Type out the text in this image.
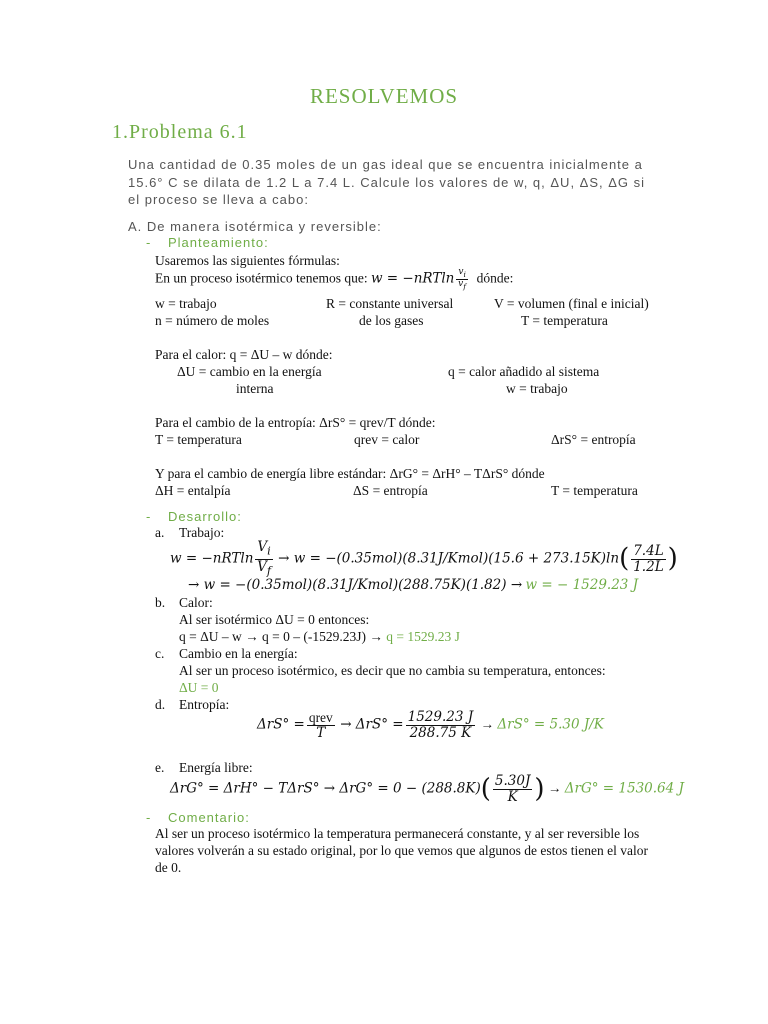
RESOLVEMOS
1.Problema 6.1
Una cantidad de 0.35 moles de un gas ideal que se encuentra inicialmente a 15.6° C se dilata de 1.2 L a 7.4 L. Calcule los valores de w, q, ΔU, ΔS, ΔG si el proceso se lleva a cabo:
A. De manera isotérmica y reversible:
- Planteamiento:
Usaremos las siguientes fórmulas:
En un proceso isotérmico tenemos que: $w = -nRTln \frac{v_i}{v_f}$ dónde:
w = trabajo	R = constante universal	V = volumen (final e inicial)
n = número de moles	de los gases	T = temperatura
Para el calor: q = ΔU – w dónde:
ΔU = cambio en la energía	q = calor añadido al sistema
interna	w = trabajo
Para el cambio de la entropía: ΔrS° = qrev/T dónde:
T = temperatura	qrev = calor	ΔrS° = entropía
Y para el cambio de energía libre estándar: ΔrG° = ΔrH° – TΔrS° dónde
ΔH = entalpía	ΔS = entropía	T = temperatura
- Desarrollo:
a. Trabajo:
$w = -nRTln \frac{V_i}{V_f} \to w$ = −(0.35mol)(8.31J/Kmol)(15.6 + $273.15K)\ln( \frac{7.4L}{1.2L}$ )
→ w = −(0.35mol)(8.31J/Kmol)(288.75K)(1.82) → w = − 1529.23 J
b. Calor:
Al ser isotérmico ΔU = 0 entonces:
q = ΔU – w → q = 0 – (-1529.23J) → q = 1529.23 J
c. Cambio en la energía:
Al ser un proceso isotérmico, es decir que no cambia su temperatura, entonces:
ΔU = 0
d. Entropía:
$\Delta rS^\circ = \frac{\text{qrev}}{T} \to \Delta rS^\circ = \frac{1529.23 J}{288.75 K} \to \Delta rS^\circ = 5.30$ J/K
e. Energía libre:
$\Delta rG^\circ = \Delta rH^\circ - T\Delta rS^\circ \to \Delta rG^\circ = 0 - (288.8K)( \frac{5.30J}{K}$ ) → ΔrG° = 1530.64 J
- Comentario:
Al ser un proceso isotérmico la temperatura permanecerá constante, y al ser reversible los valores volverán a su estado original, por lo que vemos que algunos de estos tienen el valor de 0.
